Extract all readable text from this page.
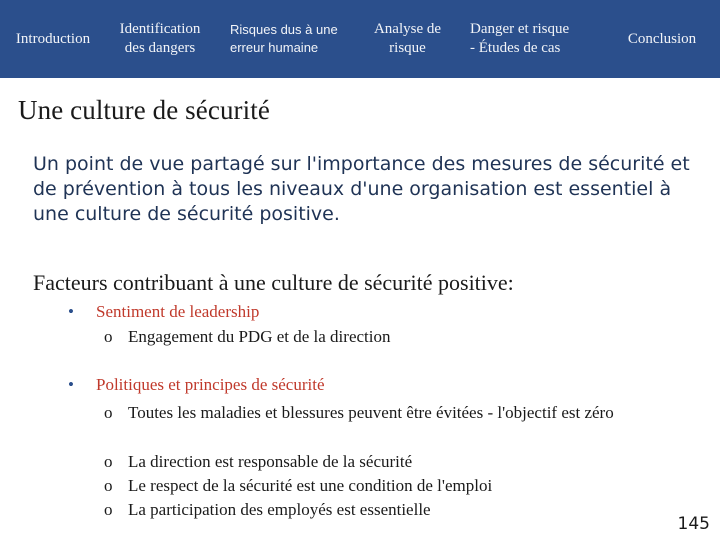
Introduction
Identification
des dangers
Risques dus à une
erreur humaine
Analyse de
risque
Danger et risque
- Études de cas
Conclusion
Une culture de sécurité
Un point de vue partagé sur l'importance des mesures de sécurité et de prévention à tous les niveaux d'une organisation est essentiel à une culture de sécurité positive.
Facteurs contribuant à une culture de sécurité positive:
•	Sentiment de leadership
o Engagement du PDG et de la direction
•	Politiques et principes de sécurité
o Toutes les maladies et blessures peuvent être évitées - l'objectif est zéro
o La direction est responsable de la sécurité
o Le respect de la sécurité est une condition de l'emploi
o La participation des employés est essentielle
145
